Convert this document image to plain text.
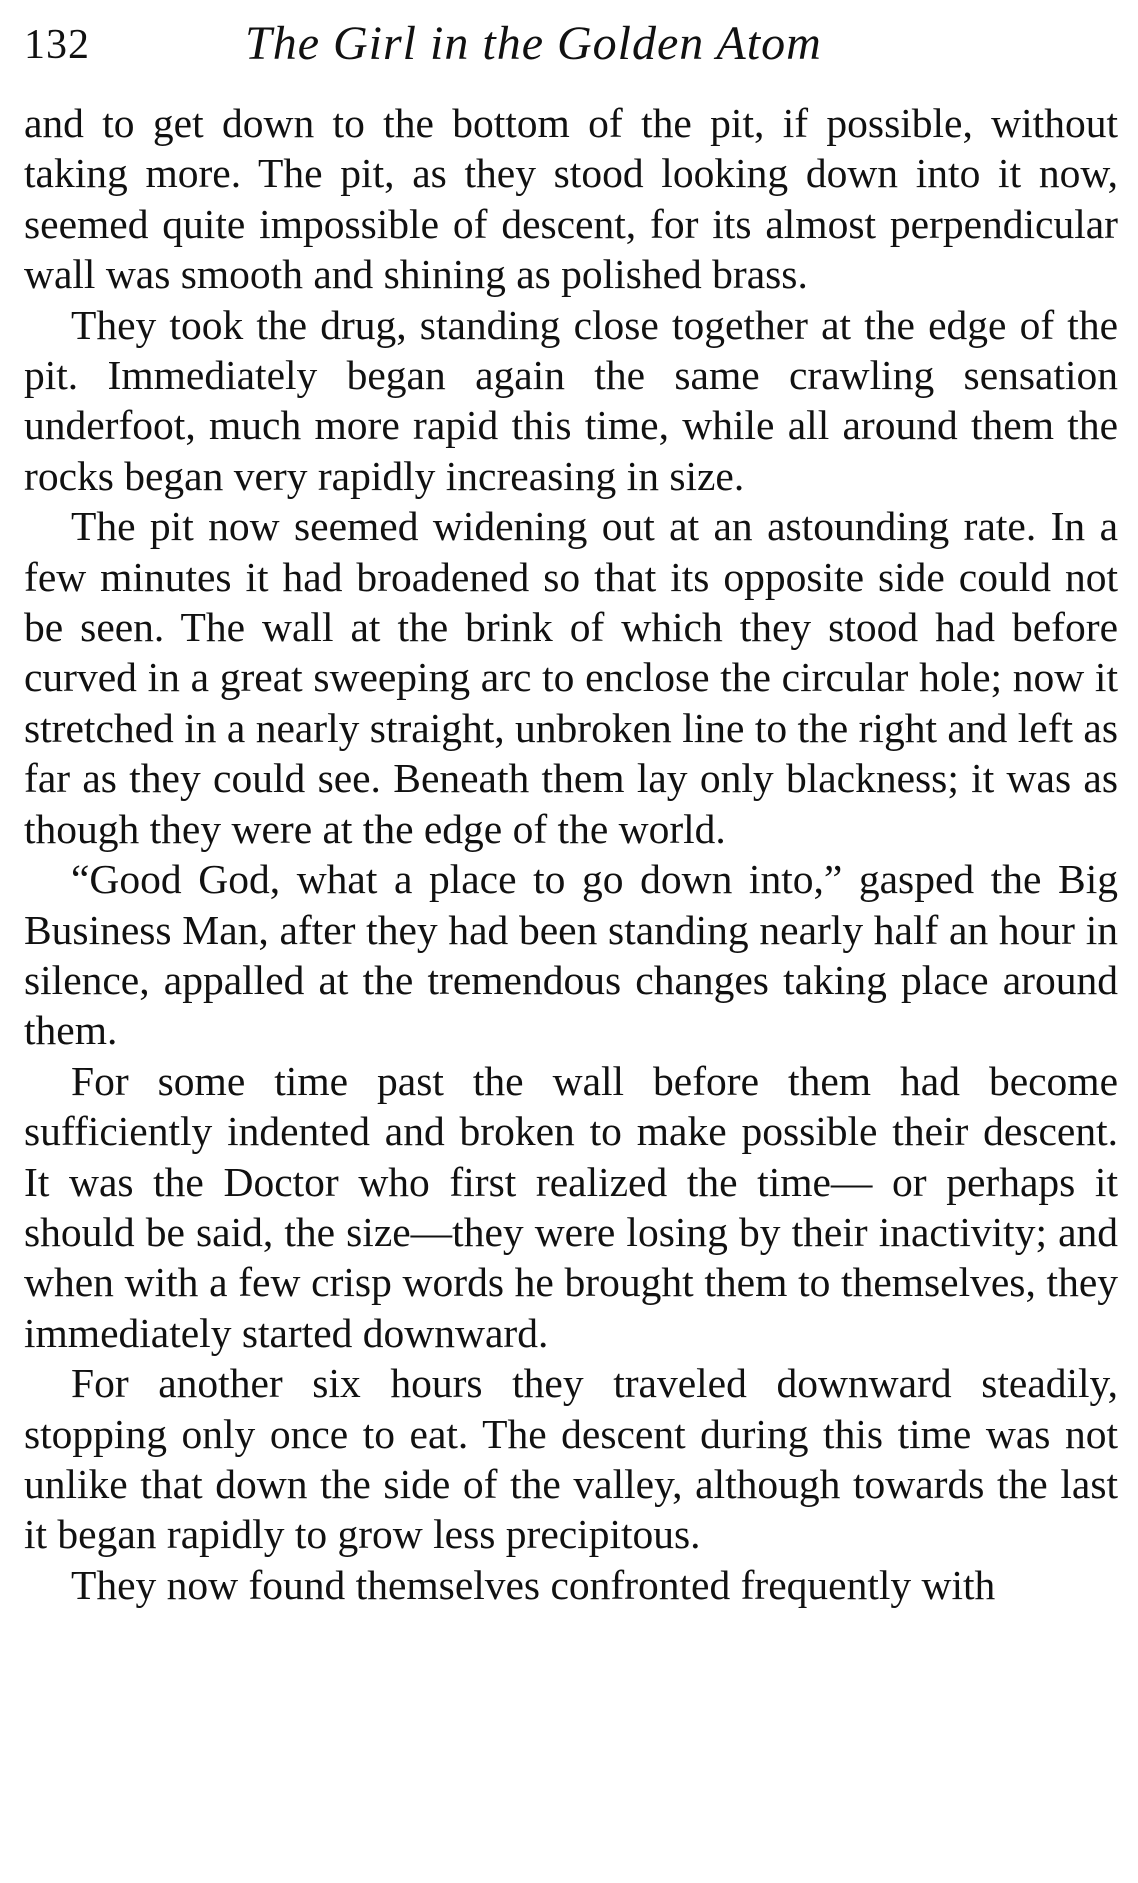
132	The Girl in the Golden Atom

and to get down to the bottom of the pit, if possible, without taking more. The pit, as they stood looking down into it now, seemed quite impossible of descent, for its almost perpendicular wall was smooth and shining as polished brass.

They took the drug, standing close together at the edge of the pit. Immediately began again the same crawling sensation underfoot, much more rapid this time, while all around them the rocks began very rapidly increasing in size.

The pit now seemed widening out at an astounding rate. In a few minutes it had broadened so that its opposite side could not be seen. The wall at the brink of which they stood had before curved in a great sweeping arc to enclose the circular hole; now it stretched in a nearly straight, unbroken line to the right and left as far as they could see. Beneath them lay only blackness; it was as though they were at the edge of the world.

“Good God, what a place to go down into,” gasped the Big Business Man, after they had been standing nearly half an hour in silence, appalled at the tremendous changes taking place around them.

For some time past the wall before them had become sufficiently indented and broken to make possible their descent. It was the Doctor who first realized the time— or perhaps it should be said, the size—they were losing by their inactivity; and when with a few crisp words he brought them to themselves, they immediately started downward.

For another six hours they traveled downward steadily, stopping only once to eat. The descent during this time was not unlike that down the side of the valley, although towards the last it began rapidly to grow less precipitous.

They now found themselves confronted frequently with
